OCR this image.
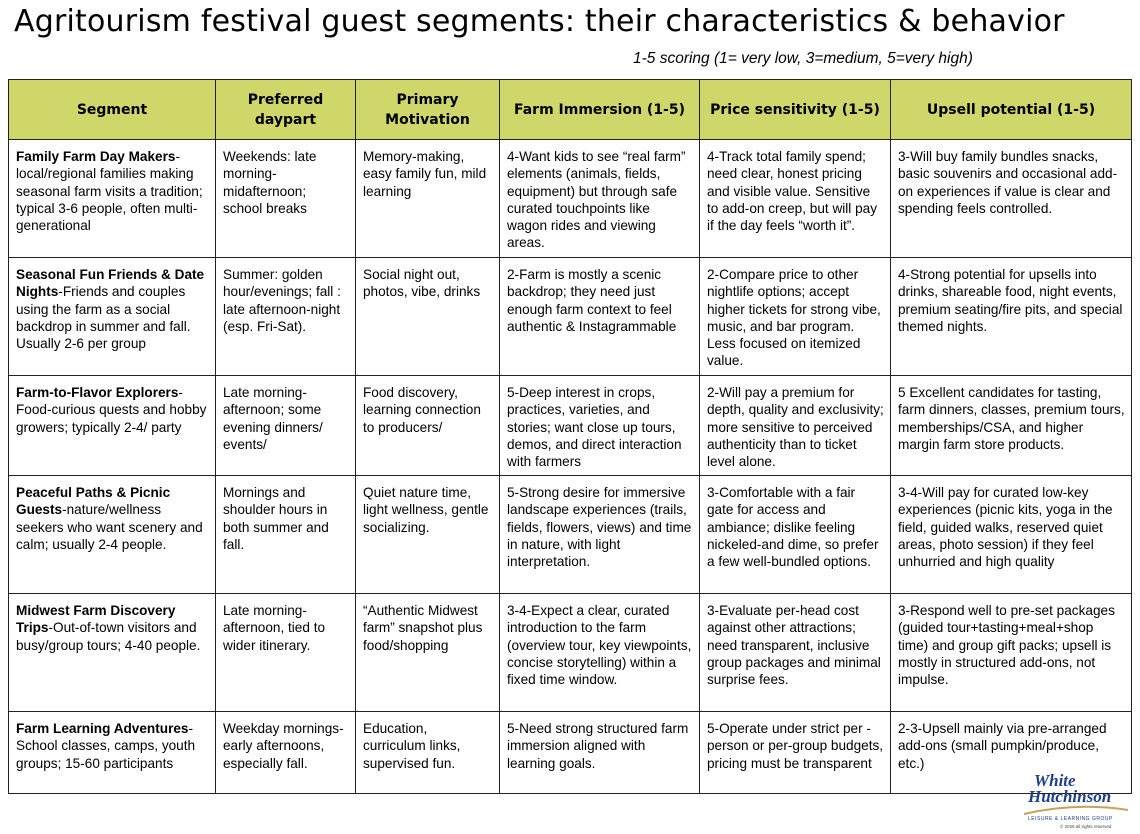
Agritourism festival guest segments: their characteristics & behavior
1-5 scoring (1= very low, 3=medium, 5=very high)
Segment	Preferred daypart	Primary Motivation	Farm Immersion (1-5)	Price sensitivity (1-5)	Upsell potential (1-5)
Family Farm Day Makers-local/regional families making seasonal farm visits a tradition; typical 3-6 people, often multi-generational	Weekends: late morning-midafternoon; school breaks	Memory-making, easy family fun, mild learning	4-Want kids to see “real farm” elements (animals, fields, equipment) but through safe curated touchpoints like wagon rides and viewing areas.	4-Track total family spend; need clear, honest pricing and visible value. Sensitive to add-on creep, but will pay if the day feels “worth it”.	3-Will buy family bundles snacks, basic souvenirs and occasional add-on experiences if value is clear and spending feels controlled.
Seasonal Fun Friends & Date Nights-Friends and couples using the farm as a social backdrop in summer and fall. Usually 2-6 per group	Summer: golden hour/evenings; fall : late afternoon-night (esp. Fri-Sat).	Social night out, photos, vibe, drinks	2-Farm is mostly a scenic backdrop; they need just enough farm context to feel authentic & Instagrammable	2-Compare price to other nightlife options; accept higher tickets for strong vibe, music, and bar program. Less focused on itemized value.	4-Strong potential for upsells into drinks, shareable food, night events, premium seating/fire pits, and special themed nights.
Farm-to-Flavor Explorers-Food-curious quests and hobby growers; typically 2-4/ party	Late morning-afternoon; some evening dinners/ events/	Food discovery, learning connection to producers/	5-Deep interest in crops, practices, varieties, and stories; want close up tours, demos, and direct interaction with farmers	2-Will pay a premium for depth, quality and exclusivity; more sensitive to perceived authenticity than to ticket level alone.	5 Excellent candidates for tasting, farm dinners, classes, premium tours, memberships/CSA, and higher margin farm store products.
Peaceful Paths & Picnic Guests-nature/wellness seekers who want scenery and calm; usually 2-4 people.	Mornings and shoulder hours in both summer and fall.	Quiet nature time, light wellness, gentle socializing.	5-Strong desire for immersive landscape experiences (trails, fields, flowers, views) and time in nature, with light interpretation.	3-Comfortable with a fair gate for access and ambiance; dislike feeling nickeled-and dime, so prefer a few well-bundled options.	3-4-Will pay for curated low-key experiences (picnic kits, yoga in the field, guided walks, reserved quiet areas, photo session) if they feel unhurried and high quality
Midwest Farm Discovery Trips-Out-of-town visitors and busy/group tours; 4-40 people.	Late morning-afternoon, tied to wider itinerary.	“Authentic Midwest farm” snapshot plus food/shopping	3-4-Expect a clear, curated introduction to the farm (overview tour, key viewpoints, concise storytelling) within a fixed time window.	3-Evaluate per-head cost against other attractions; need transparent, inclusive group packages and minimal surprise fees.	3-Respond well to pre-set packages (guided tour+tasting+meal+shop time) and group gift packs; upsell is mostly in structured add-ons, not impulse.
Farm Learning Adventures-School classes, camps, youth groups; 15-60 participants	Weekday mornings-early afternoons, especially fall.	Education, curriculum links, supervised fun.	5-Need strong structured farm immersion aligned with learning goals.	5-Operate under strict per -person or per-group budgets, pricing must be transparent	2-3-Upsell mainly via pre-arranged add-ons (small pumpkin/produce, etc.)
White
Hutchinson
LEISURE & LEARNING GROUP
© 2026 all rights reserved
